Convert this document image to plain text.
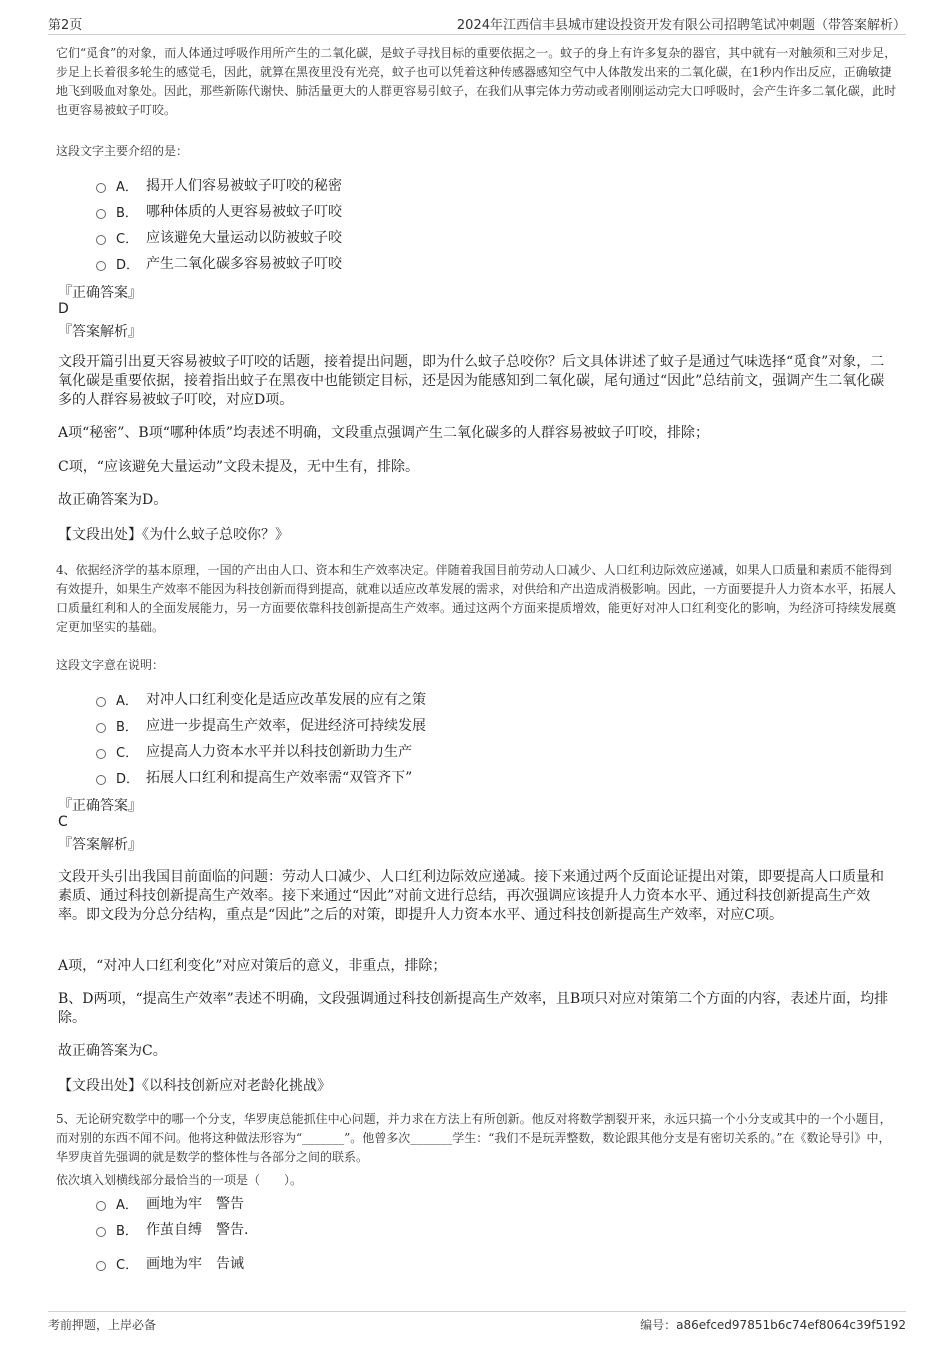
第2页	2024年江西信丰县城市建设投资开发有限公司招聘笔试冲刺题（带答案解析）
它们“觅食”的对象，而人体通过呼吸作用所产生的二氧化碳，是蚊子寻找目标的重要依据之一。蚊子的身上有许多复杂的器官，其中就有一对触须和三对步足，步足上长着很多轮生的感觉毛，因此，就算在黑夜里没有光亮，蚊子也可以凭着这种传感器感知空气中人体散发出来的二氧化碳，在1秒内作出反应，正确敏捷地飞到吸血对象处。因此，那些新陈代谢快、肺活量更大的人群更容易引蚊子，在我们从事完体力劳动或者刚刚运动完大口呼吸时，会产生许多二氧化碳，此时也更容易被蚊子叮咬。
这段文字主要介绍的是：
A． 揭开人们容易被蚊子叮咬的秘密
B． 哪种体质的人更容易被蚊子叮咬
C． 应该避免大量运动以防被蚊子咬
D． 产生二氧化碳多容易被蚊子叮咬
『正确答案』
D
『答案解析』
文段开篇引出夏天容易被蚊子叮咬的话题，接着提出问题，即为什么蚊子总咬你？后文具体讲述了蚊子是通过气味选择“觅食”对象，二氧化碳是重要依据，接着指出蚊子在黑夜中也能锁定目标，还是因为能感知到二氧化碳，尾句通过“因此”总结前文，强调产生二氧化碳多的人群容易被蚊子叮咬，对应D项。
A项“秘密”、B项“哪种体质”均表述不明确，文段重点强调产生二氧化碳多的人群容易被蚊子叮咬，排除；
C项，“应该避免大量运动”文段未提及，无中生有，排除。
故正确答案为D。
【文段出处】《为什么蚊子总咬你？》
4、依据经济学的基本原理，一国的产出由人口、资本和生产效率决定。伴随着我国目前劳动人口减少、人口红利边际效应递减，如果人口质量和素质不能得到有效提升，如果生产效率不能因为科技创新而得到提高，就难以适应改革发展的需求，对供给和产出造成消极影响。因此，一方面要提升人力资本水平，拓展人口质量红利和人的全面发展能力，另一方面要依靠科技创新提高生产效率。通过这两个方面来提质增效，能更好对冲人口红利变化的影响，为经济可持续发展奠定更加坚实的基础。
这段文字意在说明：
A． 对冲人口红利变化是适应改革发展的应有之策
B． 应进一步提高生产效率，促进经济可持续发展
C． 应提高人力资本水平并以科技创新助力生产
D． 拓展人口红利和提高生产效率需“双管齐下”
『正确答案』
C
『答案解析』
文段开头引出我国目前面临的问题：劳动人口减少、人口红利边际效应递减。接下来通过两个反面论证提出对策，即要提高人口质量和素质、通过科技创新提高生产效率。接下来通过“因此”对前文进行总结，再次强调应该提升人力资本水平、通过科技创新提高生产效率。即文段为分总分结构，重点是“因此”之后的对策，即提升人力资本水平、通过科技创新提高生产效率，对应C项。
A项，“对冲人口红利变化”对应对策后的意义，非重点，排除；
B、D两项，“提高生产效率”表述不明确，文段强调通过科技创新提高生产效率，且B项只对应对策第二个方面的内容，表述片面，均排除。
故正确答案为C。
【文段出处】《以科技创新应对老龄化挑战》
5、无论研究数学中的哪一个分支，华罗庚总能抓住中心问题，并力求在方法上有所创新。他反对将数学割裂开来，永远只搞一个小分支或其中的一个小题目，而对别的东西不闻不问。他将这种做法形容为“_______”。他曾多次_______学生：“我们不是玩弄整数，数论跟其他分支是有密切关系的。”在《数论导引》中，华罗庚首先强调的就是数学的整体性与各部分之间的联系。
依次填入划横线部分最恰当的一项是（　　）。
A． 画地为牢 警告
B． 作茧自缚 警告.
C． 画地为牢 告诫
考前押题，上岸必备	编号：a86efced97851b6c74ef8064c39f5192
